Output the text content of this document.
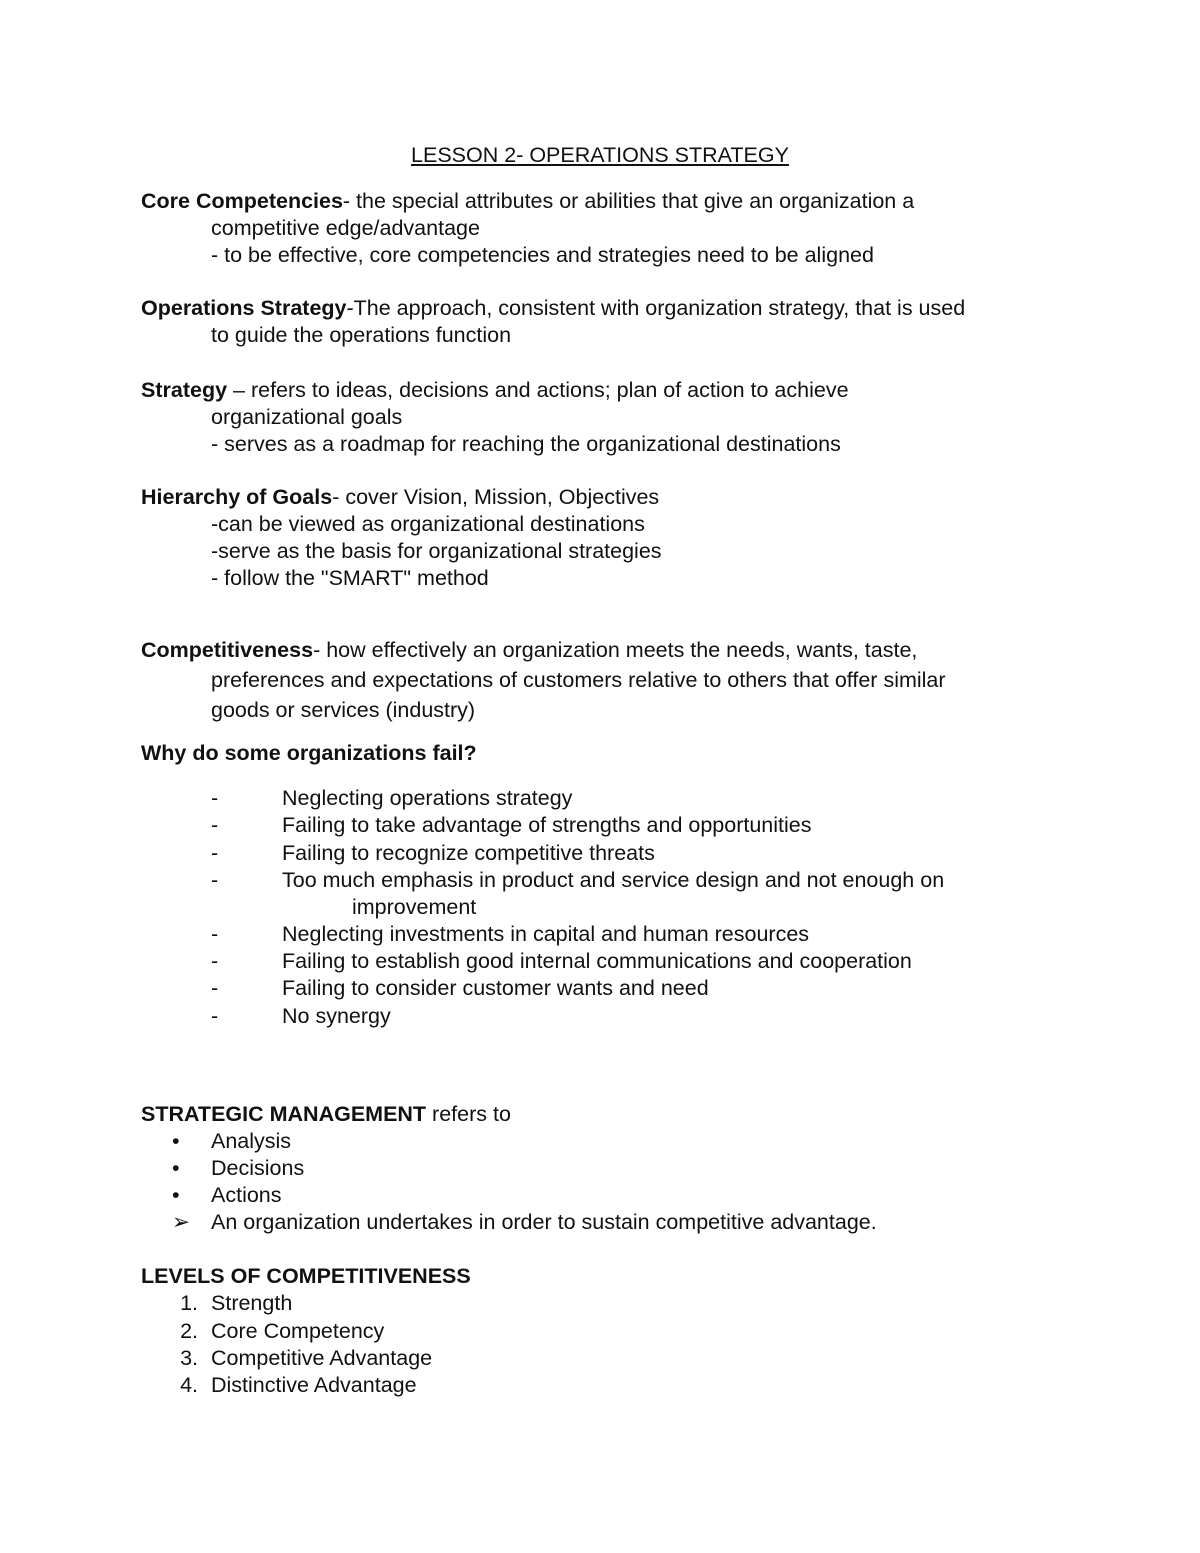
LESSON 2- OPERATIONS STRATEGY
Core Competencies- the special attributes or abilities that give an organization a
competitive edge/advantage
- to be effective, core competencies and strategies need to be aligned
Operations Strategy-The approach, consistent with organization strategy, that is used
to guide the operations function
Strategy – refers to ideas, decisions and actions; plan of action to achieve
organizational goals
- serves as a roadmap for reaching the organizational destinations
Hierarchy of Goals- cover Vision, Mission, Objectives
-can be viewed as organizational destinations
-serve as the basis for organizational strategies
- follow the "SMART" method
Competitiveness- how effectively an organization meets the needs, wants, taste,
preferences and expectations of customers relative to others that offer similar
goods or services (industry)
Why do some organizations fail?
-	Neglecting operations strategy
-	Failing to take advantage of strengths and opportunities
-	Failing to recognize competitive threats
-	Too much emphasis in product and service design and not enough on
improvement
-	Neglecting investments in capital and human resources
-	Failing to establish good internal communications and cooperation
-	Failing to consider customer wants and need
-	No synergy
STRATEGIC MANAGEMENT refers to
• Analysis
• Decisions
• Actions
➢ An organization undertakes in order to sustain competitive advantage.
LEVELS OF COMPETITIVENESS
1. Strength
2. Core Competency
3. Competitive Advantage
4. Distinctive Advantage
